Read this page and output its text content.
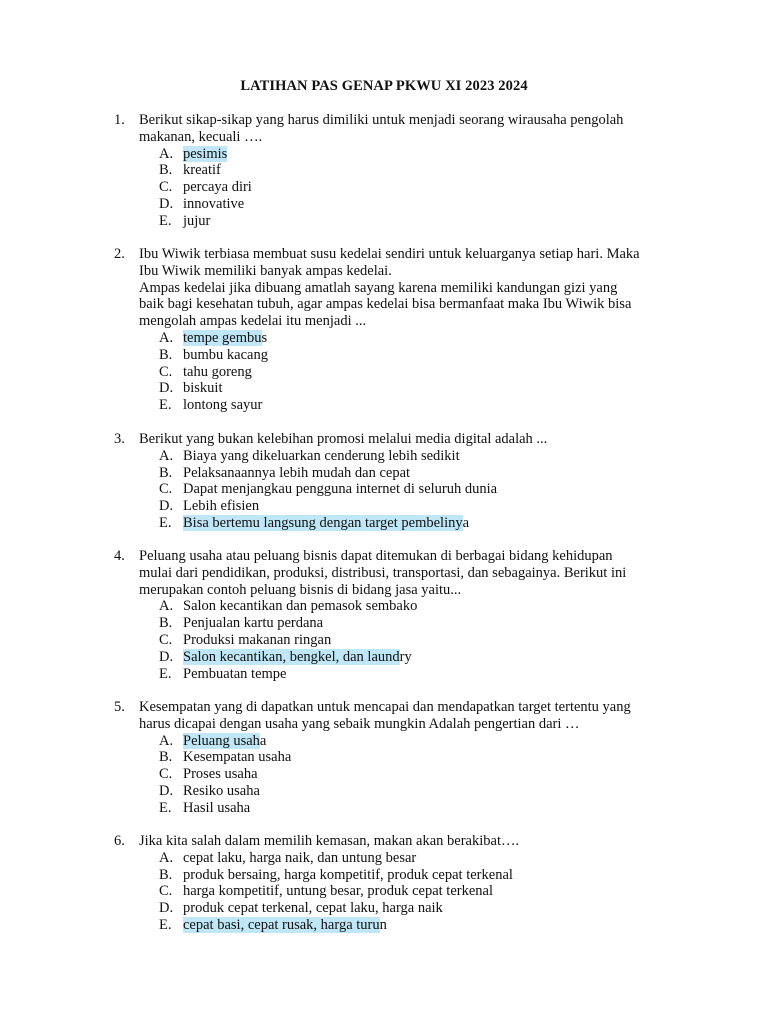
LATIHAN PAS GENAP PKWU XI 2023 2024
1. Berikut sikap-sikap yang harus dimiliki untuk menjadi seorang wirausaha pengolah
makanan, kecuali ….
A. pesimis
B. kreatif
C. percaya diri
D. innovative
E. jujur
2. Ibu Wiwik terbiasa membuat susu kedelai sendiri untuk keluarganya setiap hari. Maka
Ibu Wiwik memiliki banyak ampas kedelai.
Ampas kedelai jika dibuang amatlah sayang karena memiliki kandungan gizi yang
baik bagi kesehatan tubuh, agar ampas kedelai bisa bermanfaat maka Ibu Wiwik bisa
mengolah ampas kedelai itu menjadi ...
A. tempe gembus
B. bumbu kacang
C. tahu goreng
D. biskuit
E. lontong sayur
3. Berikut yang bukan kelebihan promosi melalui media digital adalah ...
A. Biaya yang dikeluarkan cenderung lebih sedikit
B. Pelaksanaannya lebih mudah dan cepat
C. Dapat menjangkau pengguna internet di seluruh dunia
D. Lebih efisien
E. Bisa bertemu langsung dengan target pembelinya
4. Peluang usaha atau peluang bisnis dapat ditemukan di berbagai bidang kehidupan
mulai dari pendidikan, produksi, distribusi, transportasi, dan sebagainya. Berikut ini
merupakan contoh peluang bisnis di bidang jasa yaitu...
A. Salon kecantikan dan pemasok sembako
B. Penjualan kartu perdana
C. Produksi makanan ringan
D. Salon kecantikan, bengkel, dan laundry
E. Pembuatan tempe
5. Kesempatan yang di dapatkan untuk mencapai dan mendapatkan target tertentu yang
harus dicapai dengan usaha yang sebaik mungkin Adalah pengertian dari …
A. Peluang usaha
B. Kesempatan usaha
C. Proses usaha
D. Resiko usaha
E. Hasil usaha
6. Jika kita salah dalam memilih kemasan, makan akan berakibat….
A. cepat laku, harga naik, dan untung besar
B. produk bersaing, harga kompetitif, produk cepat terkenal
C. harga kompetitif, untung besar, produk cepat terkenal
D. produk cepat terkenal, cepat laku, harga naik
E. cepat basi, cepat rusak, harga turun
